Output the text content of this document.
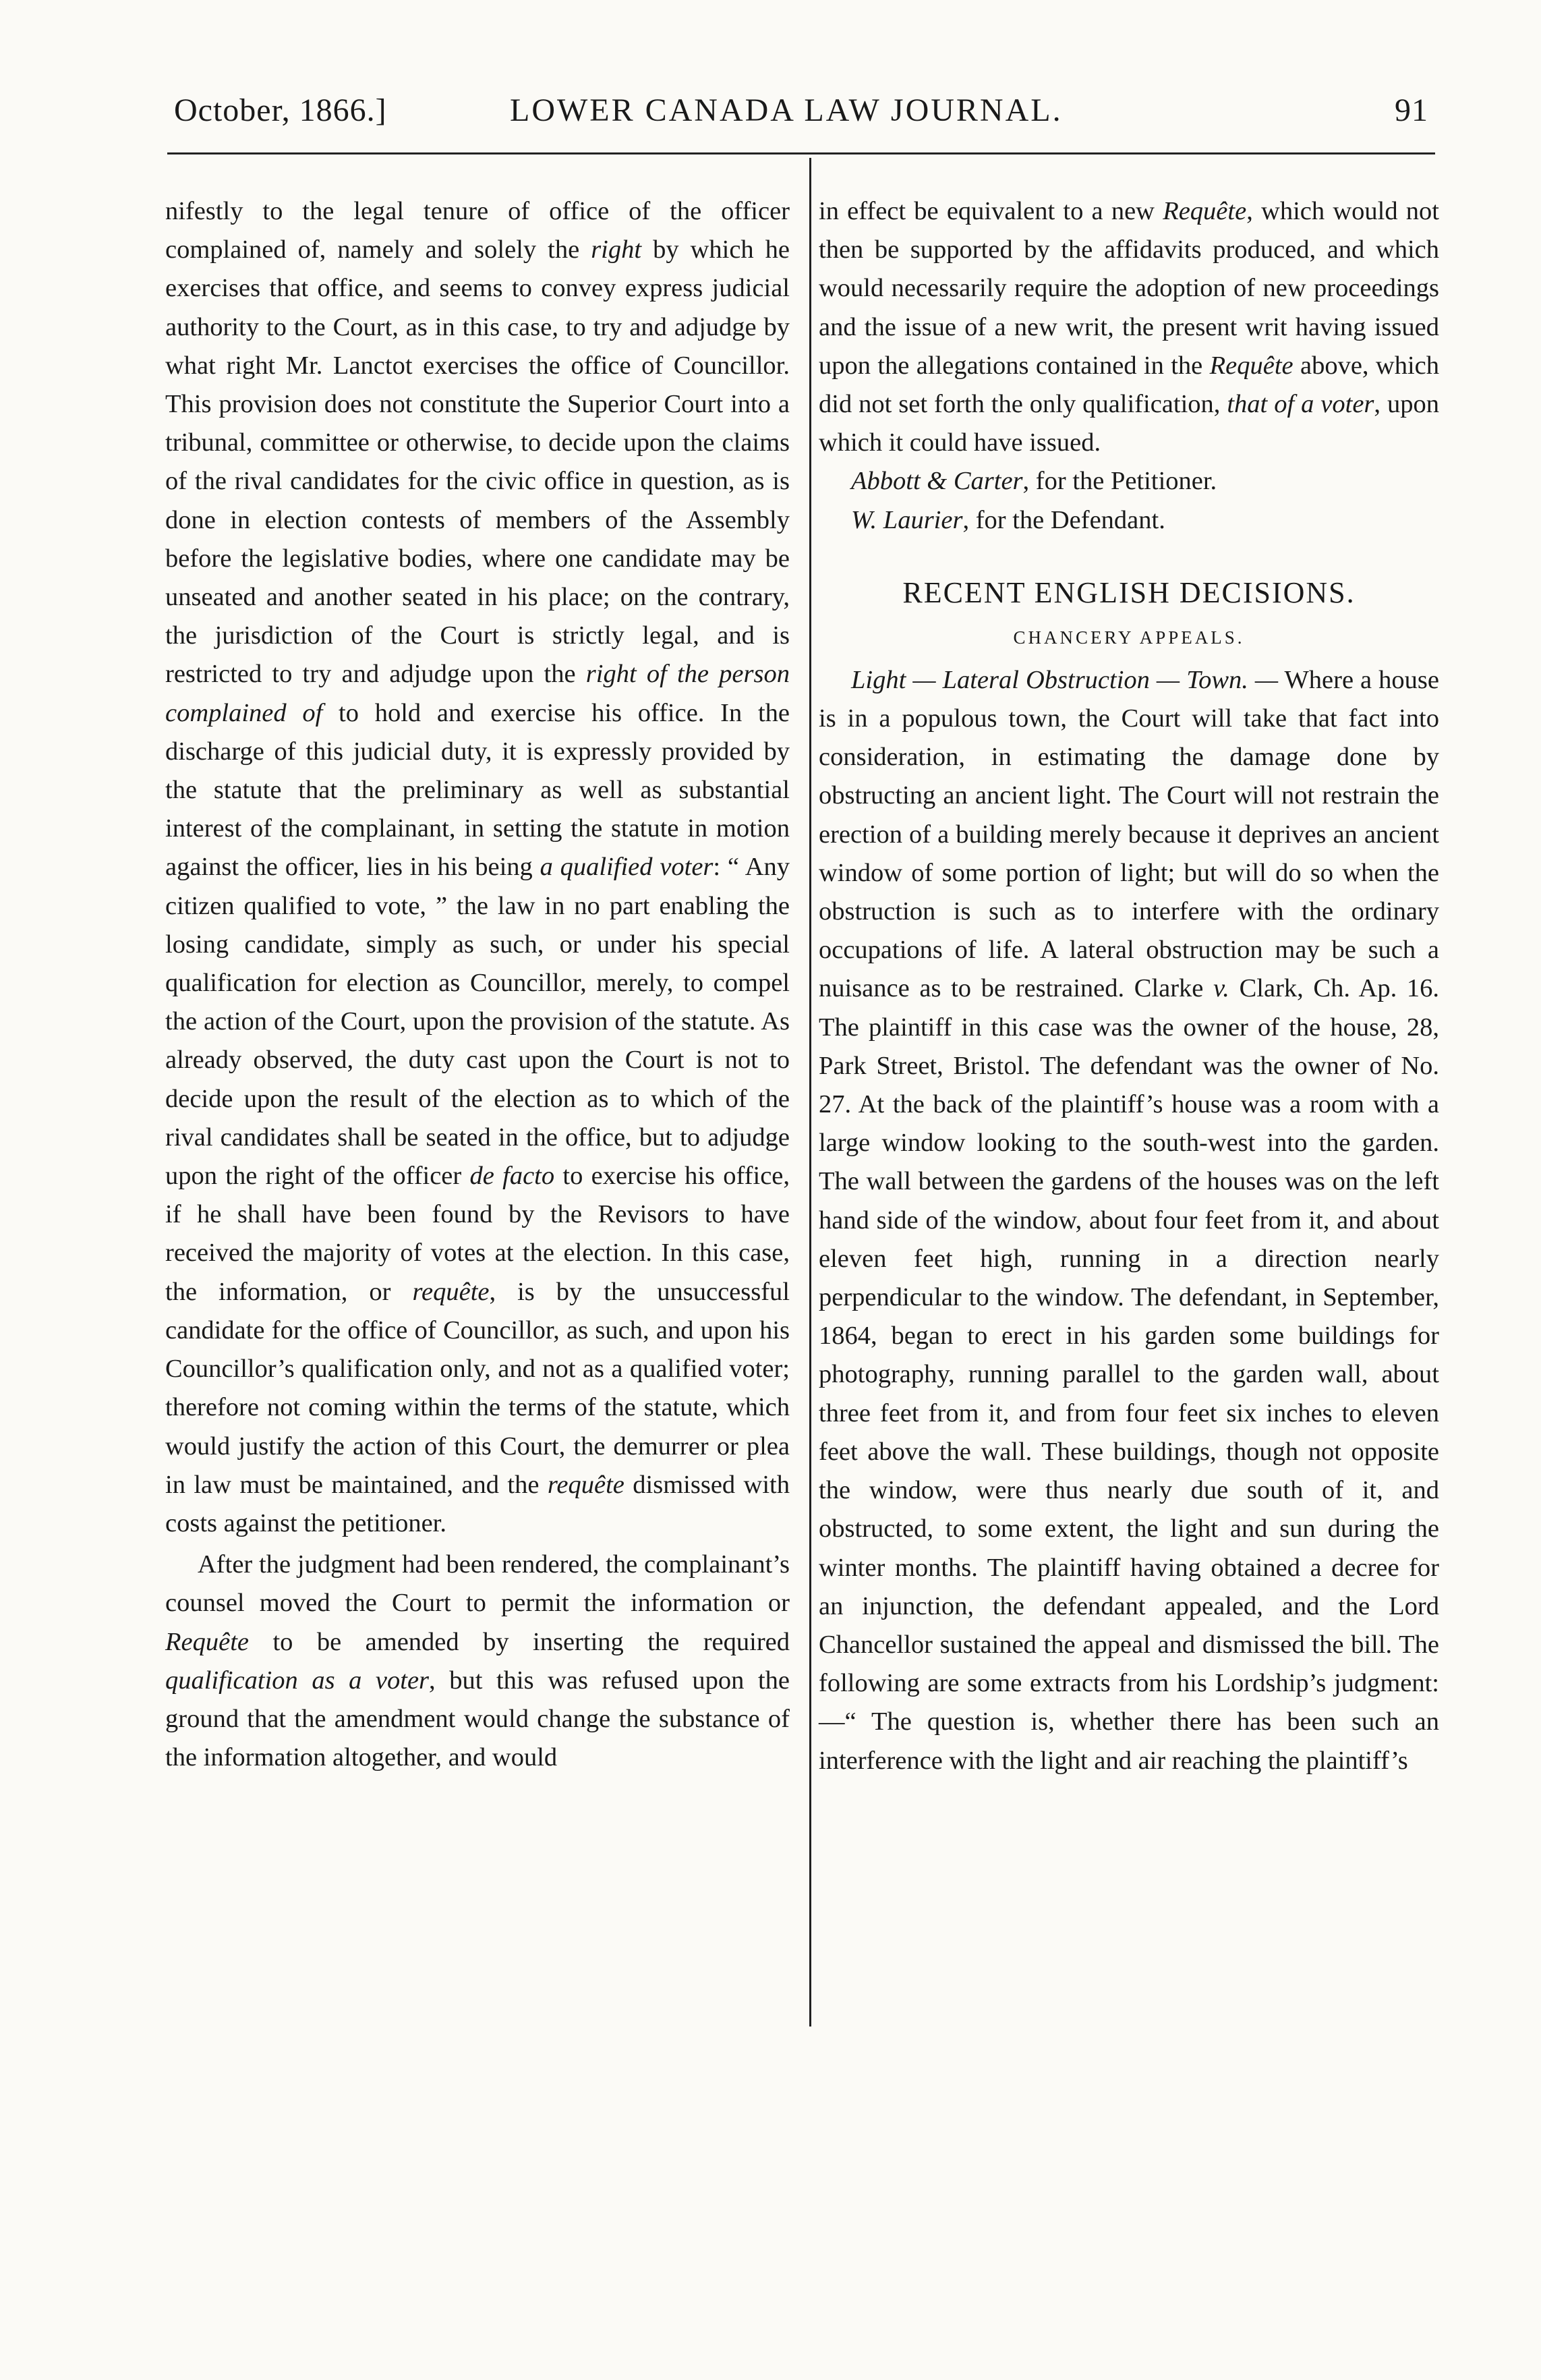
October, 1866.]	LOWER CANADA LAW JOURNAL.	91

nifestly to the legal tenure of office of the officer complained of, namely and solely the right by which he exercises that office, and seems to convey express judicial authority to the Court, as in this case, to try and adjudge by what right Mr. Lanctot exercises the office of Councillor. This provision does not constitute the Superior Court into a tribunal, committee or otherwise, to decide upon the claims of the rival candidates for the civic office in question, as is done in election contests of members of the Assembly before the legislative bodies, where one candidate may be unseated and another seated in his place; on the contrary, the jurisdiction of the Court is strictly legal, and is restricted to try and adjudge upon the right of the person complained of to hold and exercise his office. In the discharge of this judicial duty, it is expressly provided by the statute that the preliminary as well as substantial interest of the complainant, in setting the statute in motion against the officer, lies in his being a qualified voter: “ Any citizen qualified to vote, ” the law in no part enabling the losing candidate, simply as such, or under his special qualification for election as Councillor, merely, to compel the action of the Court, upon the provision of the statute. As already observed, the duty cast upon the Court is not to decide upon the result of the election as to which of the rival candidates shall be seated in the office, but to adjudge upon the right of the officer de facto to exercise his office, if he shall have been found by the Revisors to have received the majority of votes at the election. In this case, the information, or requête, is by the unsuccessful candidate for the office of Councillor, as such, and upon his Councillor’s qualification only, and not as a qualified voter; therefore not coming within the terms of the statute, which would justify the action of this Court, the demurrer or plea in law must be maintained, and the requête dismissed with costs against the petitioner.

After the judgment had been rendered, the complainant’s counsel moved the Court to permit the information or Requête to be amended by inserting the required qualification as a voter, but this was refused upon the ground that the amendment would change the substance of the information altogether, and would

in effect be equivalent to a new Requête, which would not then be supported by the affidavits produced, and which would necessarily require the adoption of new proceedings and the issue of a new writ, the present writ having issued upon the allegations contained in the Requête above, which did not set forth the only qualification, that of a voter, upon which it could have issued.

Abbott & Carter, for the Petitioner.

W. Laurier, for the Defendant.

RECENT ENGLISH DECISIONS.
CHANCERY APPEALS.

Light — Lateral Obstruction — Town. — Where a house is in a populous town, the Court will take that fact into consideration, in estimating the damage done by obstructing an ancient light. The Court will not restrain the erection of a building merely because it deprives an ancient window of some portion of light; but will do so when the obstruction is such as to interfere with the ordinary occupations of life. A lateral obstruction may be such a nuisance as to be restrained. Clarke v. Clark, Ch. Ap. 16. The plaintiff in this case was the owner of the house, 28, Park Street, Bristol. The defendant was the owner of No. 27. At the back of the plaintiff’s house was a room with a large window looking to the south-west into the garden. The wall between the gardens of the houses was on the left hand side of the window, about four feet from it, and about eleven feet high, running in a direction nearly perpendicular to the window. The defendant, in September, 1864, began to erect in his garden some buildings for photography, running parallel to the garden wall, about three feet from it, and from four feet six inches to eleven feet above the wall. These buildings, though not opposite the window, were thus nearly due south of it, and obstructed, to some extent, the light and sun during the winter months. The plaintiff having obtained a decree for an injunction, the defendant appealed, and the Lord Chancellor sustained the appeal and dismissed the bill. The following are some extracts from his Lordship’s judgment:—“ The question is, whether there has been such an interference with the light and air reaching the plaintiff’s
